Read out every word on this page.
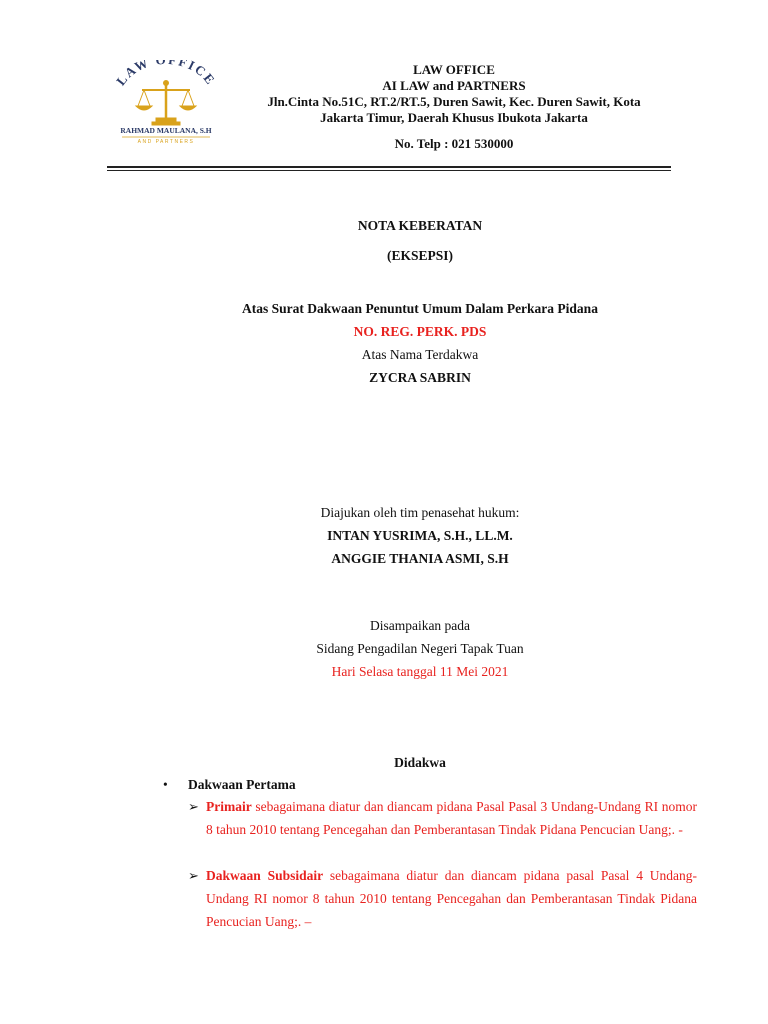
LAW FICE
RAHMAD MAULANA, S.H
AND PARTNERS
LAW OFFICE
AI LAW and PARTNERS
Jln.Cinta No.51C, RT.2/RT.5, Duren Sawit, Kec. Duren Sawit, Kota
Jakarta Timur, Daerah Khusus Ibukota Jakarta
No. Telp : 021 530000
NOTA KEBERATAN
(EKSEPSI)
Atas Surat Dakwaan Penuntut Umum Dalam Perkara Pidana
NO. REG. PERK. PDS
Atas Nama Terdakwa
ZYCRA SABRIN
Diajukan oleh tim penasehat hukum:
INTAN YUSRIMA, S.H., LL.M.
ANGGIE THANIA ASMI, S.H
Disampaikan pada
Sidang Pengadilan Negeri Tapak Tuan
Hari Selasa tanggal 11 Mei 2021
Didakwa
• Dakwaan Pertama
➢ Primair sebagaimana diatur dan diancam pidana Pasal Pasal 3 Undang-Undang RI nomor 8 tahun 2010 tentang Pencegahan dan Pemberantasan Tindak Pidana Pencucian Uang;. -
➢ Dakwaan Subsidair sebagaimana diatur dan diancam pidana pasal Pasal 4 Undang-Undang RI nomor 8 tahun 2010 tentang Pencegahan dan Pemberantasan Tindak Pidana Pencucian Uang;. –
